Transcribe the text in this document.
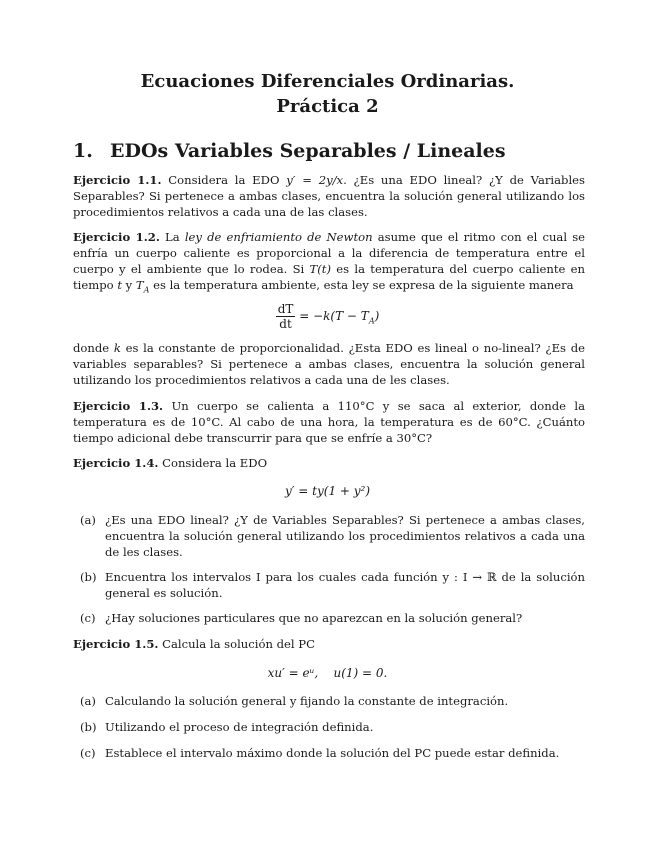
Ecuaciones Diferenciales Ordinarias.
Práctica 2
1. EDOs Variables Separables / Lineales
Ejercicio 1.1. Considera la EDO y′ = 2y/x. ¿Es una EDO lineal? ¿Y de Variables Separables? Si pertenece a ambas clases, encuentra la solución general utilizando los procedimientos relativos a cada una de las clases.
Ejercicio 1.2. La ley de enfriamiento de Newton asume que el ritmo con el cual se enfría un cuerpo caliente es proporcional a la diferencia de temperatura entre el cuerpo y el ambiente que lo rodea. Si T(t) es la temperatura del cuerpo caliente en tiempo t y $T_A$ es la temperatura ambiente, esta ley se expresa de la siguiente manera
$\frac{dT}{dt} = -k(T - T_A)$
donde k es la constante de proporcionalidad. ¿Esta EDO es lineal o no-lineal? ¿Es de variables separables? Si pertenece a ambas clases, encuentra la solución general utilizando los procedimientos relativos a cada una de les clases.
Ejercicio 1.3. Un cuerpo se calienta a 110°C y se saca al exterior, donde la temperatura es de 10°C. Al cabo de una hora, la temperatura es de 60°C. ¿Cuánto tiempo adicional debe transcurrir para que se enfríe a 30°C?
Ejercicio 1.4. Considera la EDO
y′ = ty(1 + y²)
(a) ¿Es una EDO lineal? ¿Y de Variables Separables? Si pertenece a ambas clases, encuentra la solución general utilizando los procedimientos relativos a cada una de les clases.
(b) Encuentra los intervalos I para los cuales cada función y : I → ℝ de la solución general es solución.
(c) ¿Hay soluciones particulares que no aparezcan en la solución general?
Ejercicio 1.5. Calcula la solución del PC
xu′ = eᵘ,    u(1) = 0.
(a) Calculando la solución general y fijando la constante de integración.
(b) Utilizando el proceso de integración definida.
(c) Establece el intervalo máximo donde la solución del PC puede estar definida.
